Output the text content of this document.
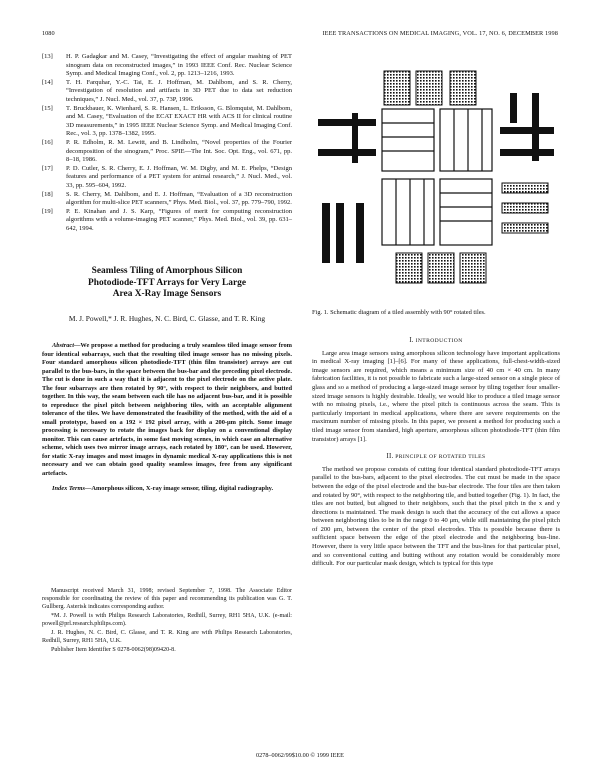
1080	IEEE TRANSACTIONS ON MEDICAL IMAGING, VOL. 17, NO. 6, DECEMBER 1998

[13] H. P. Gadagkar and M. Casey, “Investigating the effect of angular mashing of PET sinogram data on reconstructed images,” in 1993 IEEE Conf. Rec. Nuclear Science Symp. and Medical Imaging Conf., vol. 2, pp. 1213–1216, 1993.

[14] T. H. Farquhar, Y.-C. Tai, E. J. Hoffman, M. Dahlbom, and S. R. Cherry, “Investigation of resolution and artifacts in 3D PET due to data set reduction techniques,” J. Nucl. Med., vol. 37, p. 73P, 1996.

[15] T. Bruckbauer, K. Wienhard, S. R. Hansen, L. Eriksson, G. Blomquist, M. Dahlbom, and M. Casey, “Evaluation of the ECAT EXACT HR with ACS II for clinical routine 3D measurements,” in 1995 IEEE Nuclear Science Symp. and Medical Imaging Conf. Rec., vol. 3, pp. 1378–1382, 1995.

[16] P. R. Edholm, R. M. Lewitt, and B. Lindholm, “Novel properties of the Fourier decomposition of the sinogram,” Proc. SPIE—The Int. Soc. Opt. Eng., vol. 671, pp. 8–18, 1986.

[17] P. D. Cutler, S. R. Cherry, E. J. Hoffman, W. M. Digby, and M. E. Phelps, “Design features and performance of a PET system for animal research,” J. Nucl. Med., vol. 33, pp. 595–604, 1992.

[18] S. R. Cherry, M. Dahlbom, and E. J. Hoffman, “Evaluation of a 3D reconstruction algorithm for multi-slice PET scanners,” Phys. Med. Biol., vol. 37, pp. 779–790, 1992.

[19] P. E. Kinahan and J. S. Karp, “Figures of merit for computing reconstruction algorithms with a volume-imaging PET scanner,” Phys. Med. Biol., vol. 39, pp. 631–642, 1994.

Seamless Tiling of Amorphous Silicon
Photodiode-TFT Arrays for Very Large
Area X-Ray Image Sensors
M. J. Powell,* J. R. Hughes, N. C. Bird, C. Glasse, and T. R. King

Abstract—We propose a method for producing a truly seamless tiled image sensor from four identical subarrays, such that the resulting tiled image sensor has no missing pixels. Four standard amorphous silicon photodiode-TFT (thin film transistor) arrays are cut parallel to the bus-bars, in the space between the bus-bar and the preceding pixel electrode. The cut is done in such a way that it is adjacent to the pixel electrode on the active plate. The four subarrays are then rotated by 90°, with respect to their neighbors, and butted together. In this way, the seam between each tile has no adjacent bus-bar, and it is possible to reproduce the pixel pitch between neighboring tiles, with an acceptable alignment tolerance of the tiles. We have demonstrated the feasibility of the method, with the aid of a small prototype, based on a 192 × 192 pixel array, with a 200-μm pitch. Some image processing is necessary to rotate the images back for display on a conventional display monitor. This can cause artefacts, in some fast moving scenes, in which case an alternative scheme, which uses two mirror image arrays, each rotated by 180°, can be used. However, for static X-ray images and most images in dynamic medical X-ray applications this is not necessary and we can obtain good quality seamless images, free from any significant artefacts.

Index Terms—Amorphous silicon, X-ray image sensor, tiling, digital radiography.

Manuscript received March 31, 1998; revised September 7, 1998. The Associate Editor responsible for coordinating the review of this paper and recommending its publication was G. T. Gullberg. Asterisk indicates corresponding author.

*M. J. Powell is with Philips Research Laboratories, Redhill, Surrey, RH1 5HA, U.K. (e-mail: powell@prl.research.philips.com).

J. R. Hughes, N. C. Bird, C. Glasse, and T. R. King are with Philips Research Laboratories, Redhill, Surrey, RH1 5HA, U.K.

Publisher Item Identifier S 0278-0062(98)09420-8.

Fig. 1. Schematic diagram of a tiled assembly with 90° rotated tiles.
I. INTRODUCTION

Large area image sensors using amorphous silicon technology have important applications in medical X-ray imaging [1]–[6]. For many of these applications, full-chest-width-sized image sensors are required, which means a minimum size of 40 cm × 40 cm. In many fabrication facilities, it is not possible to fabricate such a large-sized sensor on a single piece of glass and so a method of producing a large-sized image sensor by tiling together four smaller-sized image sensors is highly desirable. Ideally, we would like to produce a tiled image sensor with no missing pixels, i.e., where the pixel pitch is continuous across the seam. This is particularly important in medical applications, where there are severe requirements on the maximum number of missing pixels. In this paper, we present a method for producing such a tiled image sensor from standard, high aperture, amorphous silicon photodiode-TFT (thin film transistor) arrays [1].

II. PRINCIPLE OF ROTATED TILES

The method we propose consists of cutting four identical standard photodiode-TFT arrays parallel to the bus-bars, adjacent to the pixel electrodes. The cut must be made in the space between the edge of the pixel electrode and the bus-bar electrode. The four tiles are then taken and rotated by 90°, with respect to the neighboring tile, and butted together (Fig. 1). In fact, the tiles are not butted, but aligned to their neighbors, such that the pixel pitch in the x and y directions is maintained. The mask design is such that the accuracy of the cut allows a space between neighboring tiles to be in the range 0 to 40 μm, while still maintaining the pixel pitch of 200 μm, between the center of the pixel electrodes. This is possible because there is sufficient space between the edge of the pixel electrode and the neighboring bus-line. However, there is very little space between the TFT and the bus-lines for that particular pixel, and so conventional cutting and butting without any rotation would be considerably more difficult. For our particular mask design, which is typical for this type

0278–0062/99$10.00 © 1999 IEEE
